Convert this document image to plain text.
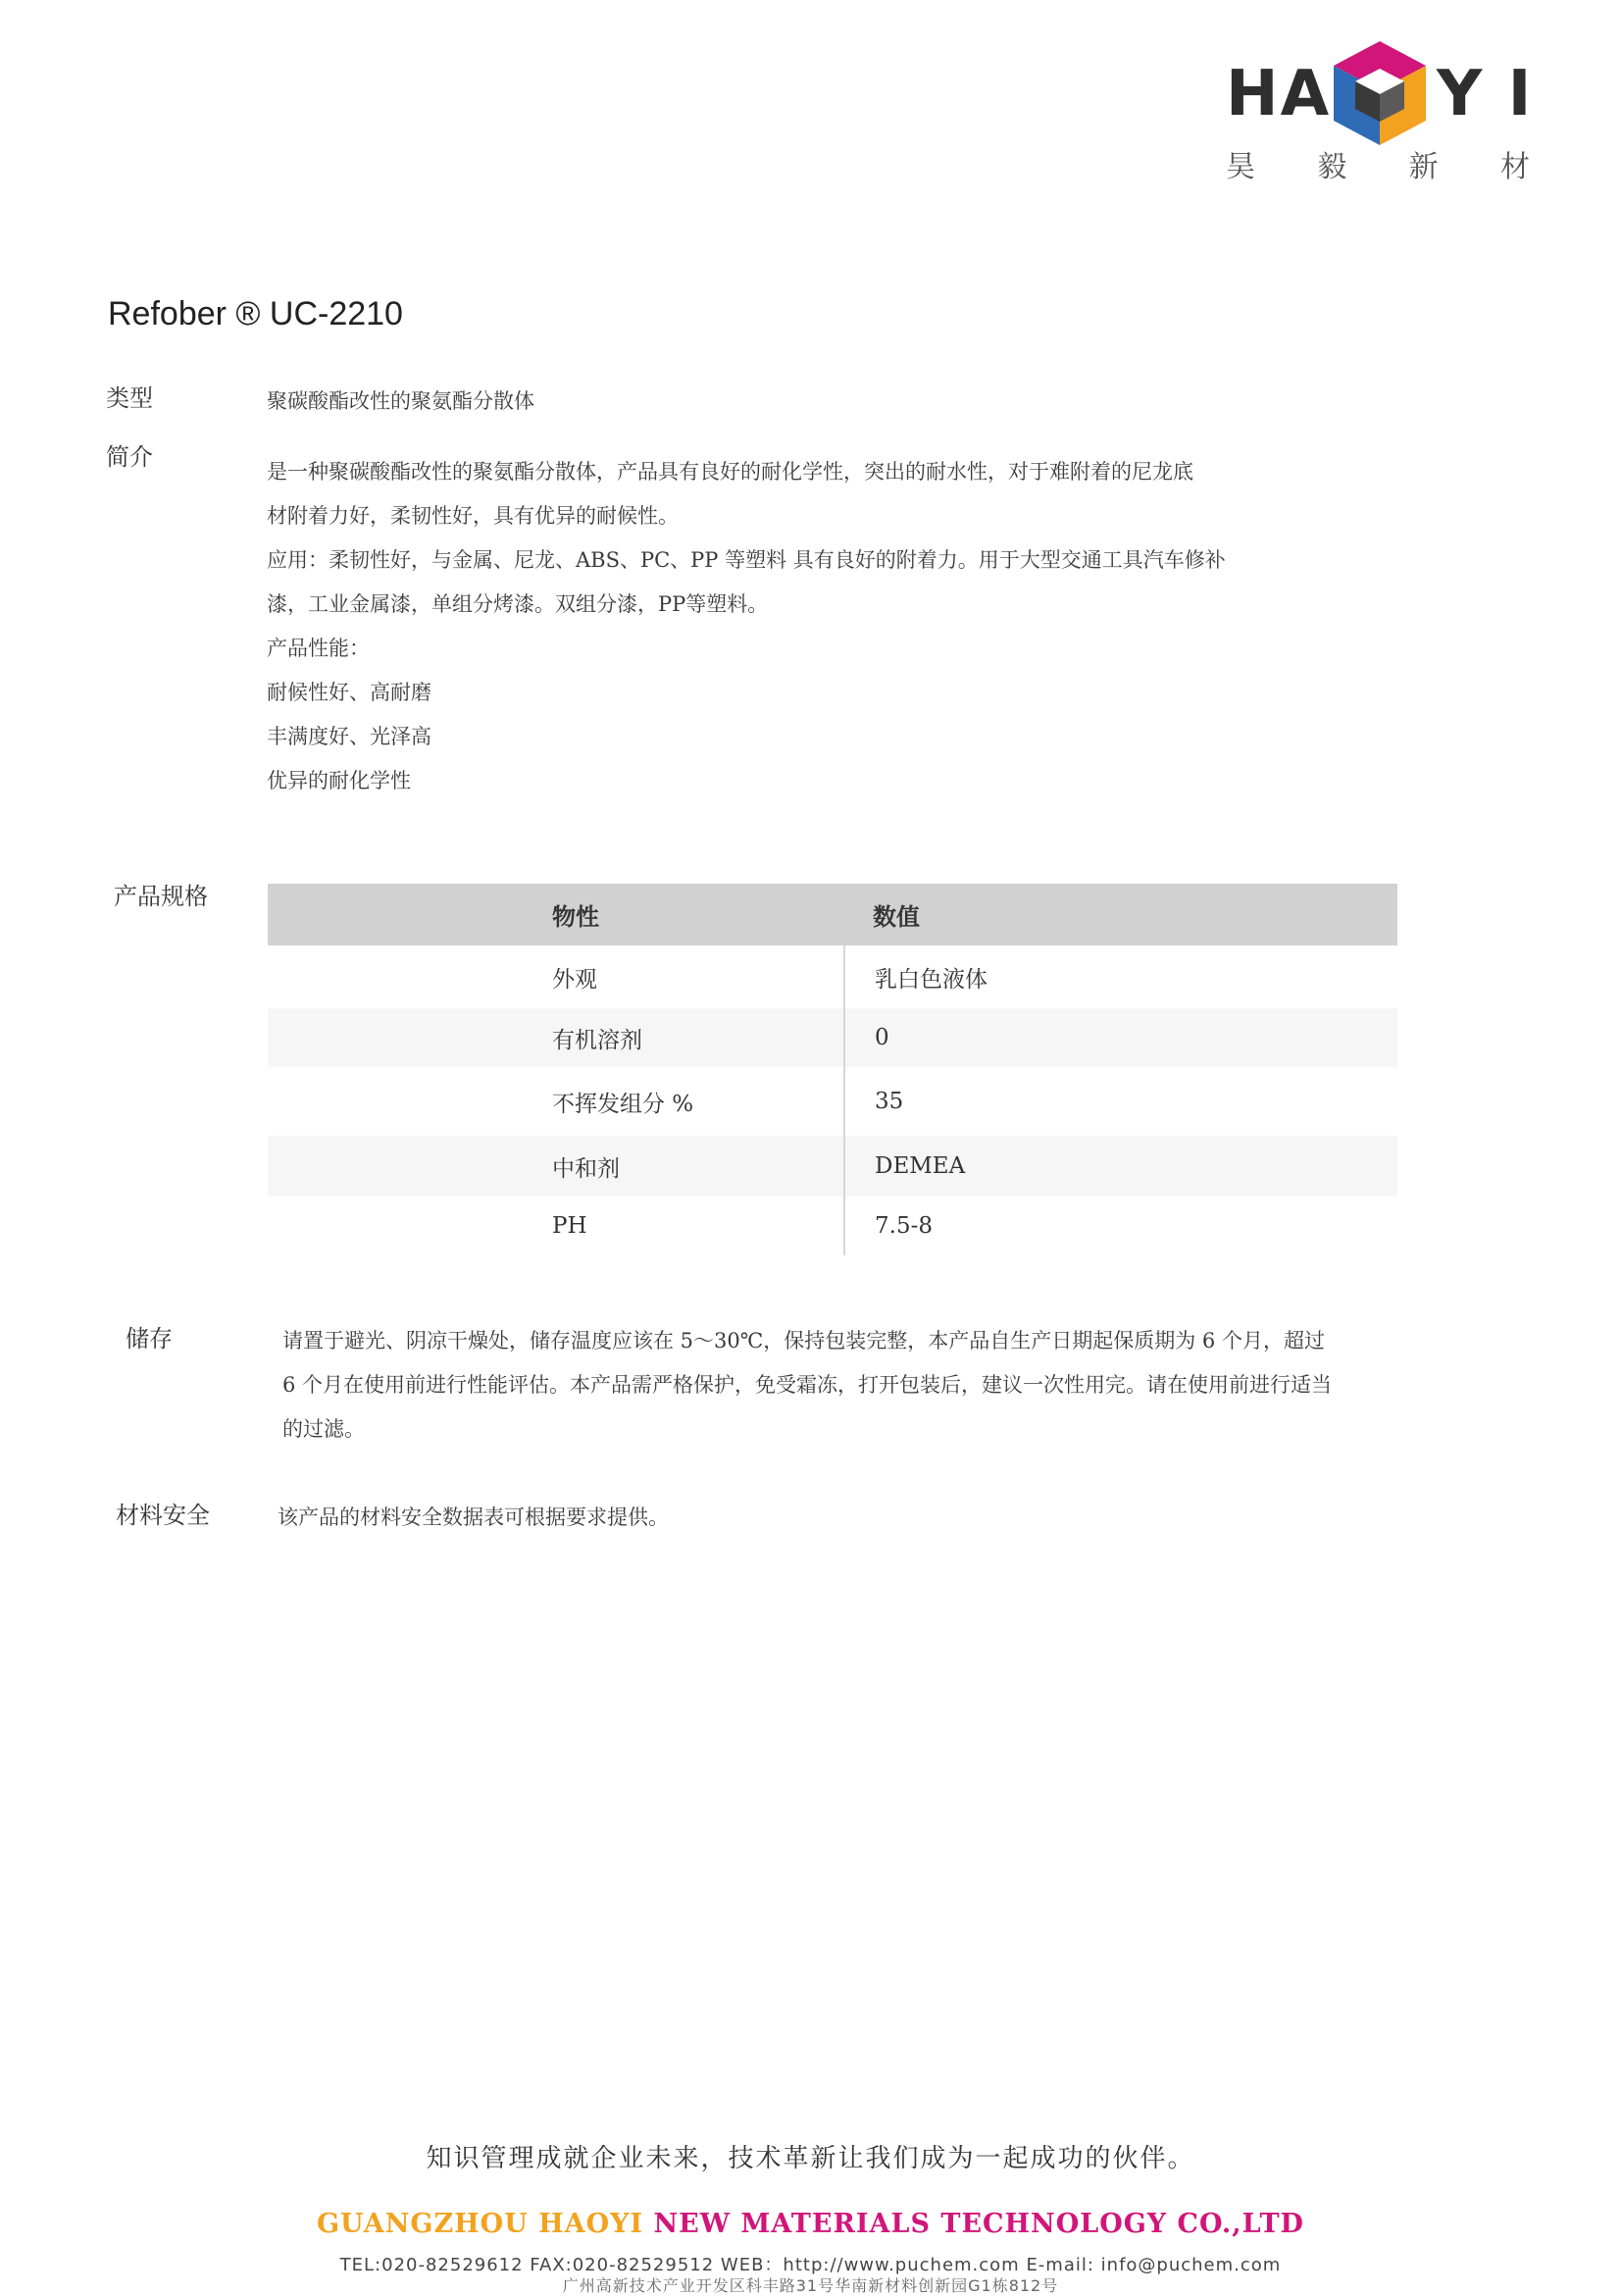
HA Y I
昊 毅 新 材
Refober ® UC-2210
类型	聚碳酸酯改性的聚氨酯分散体
简介
是一种聚碳酸酯改性的聚氨酯分散体，产品具有良好的耐化学性，突出的耐水性，对于难附着的尼龙底
材附着力好，柔韧性好，具有优异的耐候性。
应用：柔韧性好，与金属、尼龙、ABS、PC、PP 等塑料 具有良好的附着力。用于大型交通工具汽车修补
漆，工业金属漆，单组分烤漆。双组分漆，PP等塑料。
产品性能：
耐候性好、高耐磨
丰满度好、光泽高
优异的耐化学性
产品规格
物性	数值
外观	乳白色液体
有机溶剂	0
不挥发组分 %	35
中和剂	DEMEA
PH	7.5-8
储存	请置于避光、阴凉干燥处，储存温度应该在 5～30℃，保持包装完整，本产品自生产日期起保质期为 6 个月，超过
6 个月在使用前进行性能评估。本产品需严格保护，免受霜冻，打开包装后，建议一次性用完。请在使用前进行适当
的过滤。
材料安全	该产品的材料安全数据表可根据要求提供。
知识管理成就企业未来，技术革新让我们成为一起成功的伙伴。
GUANGZHOU HAOYI NEW MATERIALS TECHNOLOGY CO.,LTD
TEL:020-82529612 FAX:020-82529512 WEB：http://www.puchem.com E-mail: info@puchem.com
广州高新技术产业开发区科丰路31号华南新材料创新园G1栋812号
